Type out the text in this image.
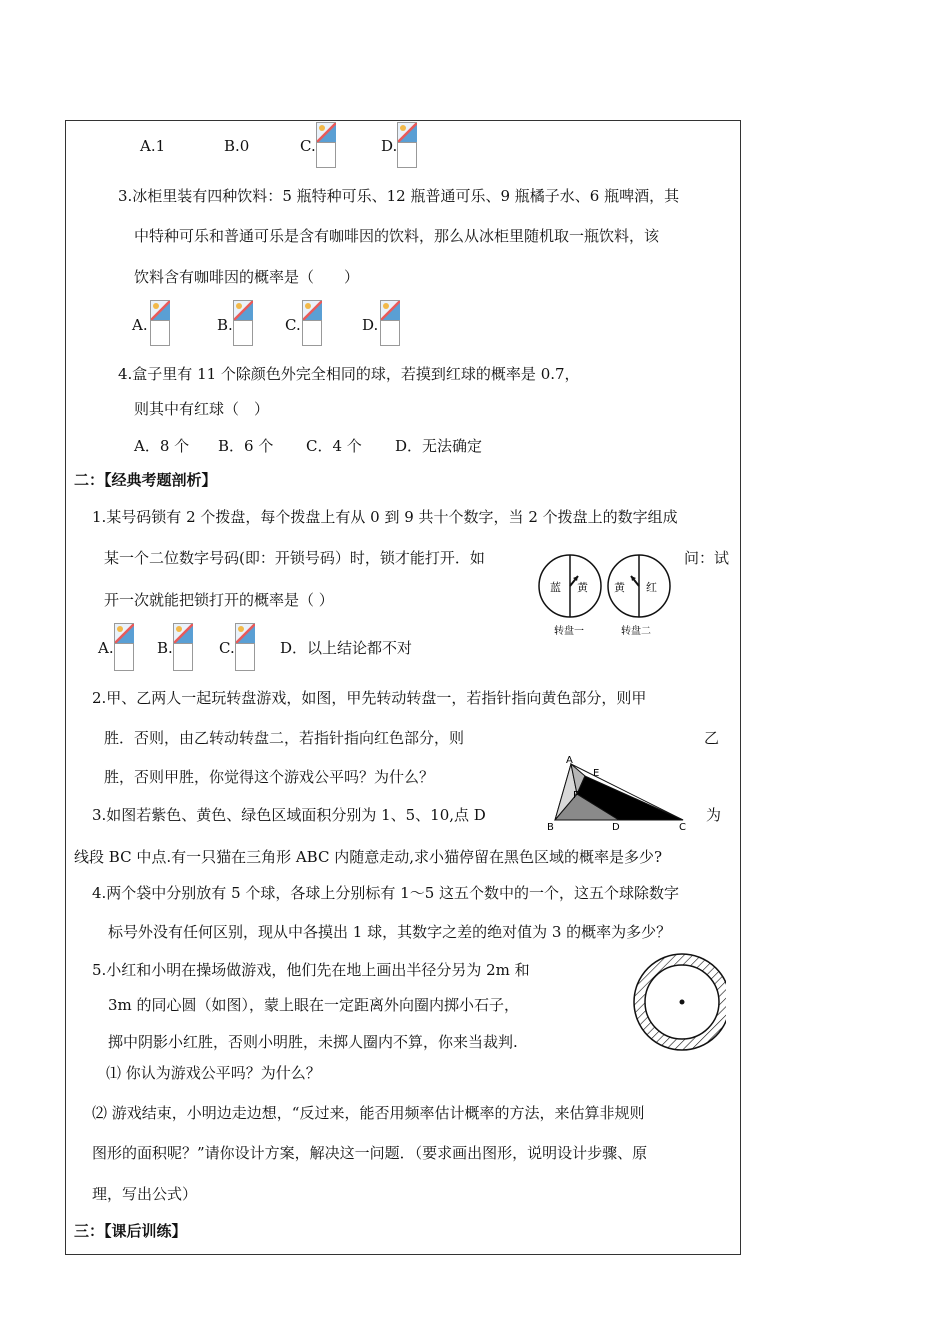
A.1	B.0	C.	D.
3.冰柜里装有四种饮料：5 瓶特种可乐、12 瓶普通可乐、9 瓶橘子水、6 瓶啤酒，其
中特种可乐和普通可乐是含有咖啡因的饮料，那么从冰柜里随机取一瓶饮料，该
饮料含有咖啡因的概率是（　　）
A.	B.	C.	D.
4.盒子里有 11 个除颜色外完全相同的球，若摸到红球的概率是 0.7，
则其中有红球（　）
A．8 个 B．6 个 C．4 个 D．无法确定
二：【经典考题剖析】
1.某号码锁有 2 个拨盘，每个拨盘上有从 0 到 9 共十个数字，当 2 个拨盘上的数字组成
某一个二位数字号码(即：开锁号码）时，锁才能打开．如	问：试
开一次就能把锁打开的概率是（ ）
蓝 黄 黄 红
转盘一	转盘二
A.	B.	C.	D．以上结论都不对
2.甲、乙两人一起玩转盘游戏，如图，甲先转动转盘一，若指针指向黄色部分，则甲
胜．否则，由乙转动转盘二，若指针指向红色部分，则	乙
胜，否则甲胜，你觉得这个游戏公平吗？为什么？
A
B	C
D
E
F
3.如图若紫色、黄色、绿色区域面积分别为 1、5、10,点 D	为
线段 BC 中点.有一只猫在三角形 ABC 内随意走动,求小猫停留在黑色区域的概率是多少?
4.两个袋中分别放有 5 个球，各球上分别标有 1～5 这五个数中的一个，这五个球除数字
标号外没有任何区别，现从中各摸出 1 球，其数字之差的绝对值为 3 的概率为多少？
5.小红和小明在操场做游戏，他们先在地上画出半径分另为 2m 和
3m 的同心圆（如图），蒙上眼在一定距离外向圈内掷小石子，
掷中阴影小红胜，否则小明胜，未掷人圈内不算，你来当裁判.
⑴ 你认为游戏公平吗？为什么？
⑵ 游戏结束，小明边走边想，“反过来，能否用频率估计概率的方法，来估算非规则
图形的面积呢？”请你设计方案，解决这一问题．（要求画出图形，说明设计步骤、原
理，写出公式）
三：【课后训练】
